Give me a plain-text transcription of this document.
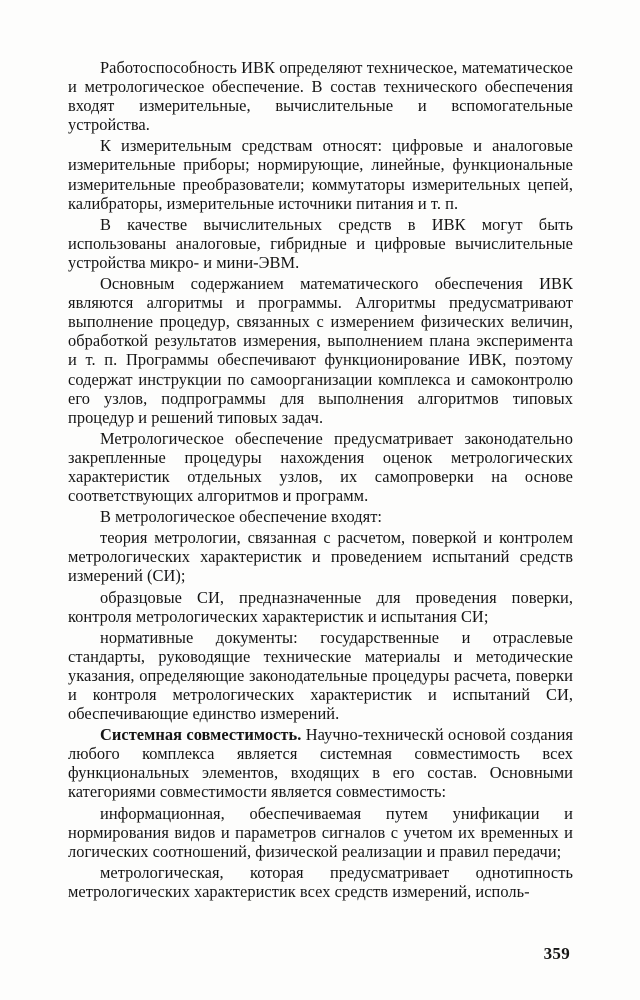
Работоспособность ИВК определяют техническое, математическое и метрологическое обеспечение. В состав технического обеспечения входят измерительные, вычислительные и вспомогательные устройства.

К измерительным средствам относят: цифровые и аналоговые измерительные приборы; нормирующие, линейные, функциональные измерительные преобразователи; коммутаторы измерительных цепей, калибраторы, измерительные источники питания и т. п.

В качестве вычислительных средств в ИВК могут быть использованы аналоговые, гибридные и цифровые вычислительные устройства микро- и мини-ЭВМ.

Основным содержанием математического обеспечения ИВК являются алгоритмы и программы. Алгоритмы предусматривают выполнение процедур, связанных с измерением физических величин, обработкой результатов измерения, выполнением плана эксперимента и т. п. Программы обеспечивают функционирование ИВК, поэтому содержат инструкции по самоорганизации комплекса и самоконтролю его узлов, подпрограммы для выполнения алгоритмов типовых процедур и решений типовых задач.

Метрологическое обеспечение предусматривает законодательно закрепленные процедуры нахождения оценок метрологических характеристик отдельных узлов, их самопроверки на основе соответствующих алгоритмов и программ.

В метрологическое обеспечение входят:

теория метрологии, связанная с расчетом, поверкой и контролем метрологических характеристик и проведением испытаний средств измерений (СИ);

образцовые СИ, предназначенные для проведения поверки, контроля метрологических характеристик и испытания СИ;

нормативные документы: государственные и отраслевые стандарты, руководящие технические материалы и методические указания, определяющие законодательные процедуры расчета, поверки и контроля метрологических характеристик и испытаний СИ, обеспечивающие единство измерений.

Системная совместимость. Научно-техническй основой создания любого комплекса является системная совместимость всех функциональных элементов, входящих в его состав. Основными категориями совместимости является совместимость:

информационная, обеспечиваемая путем унификации и нормирования видов и параметров сигналов с учетом их временных и логических соотношений, физической реализации и правил передачи;

метрологическая, которая предусматривает однотипность метрологических характеристик всех средств измерений, исполь-

359
